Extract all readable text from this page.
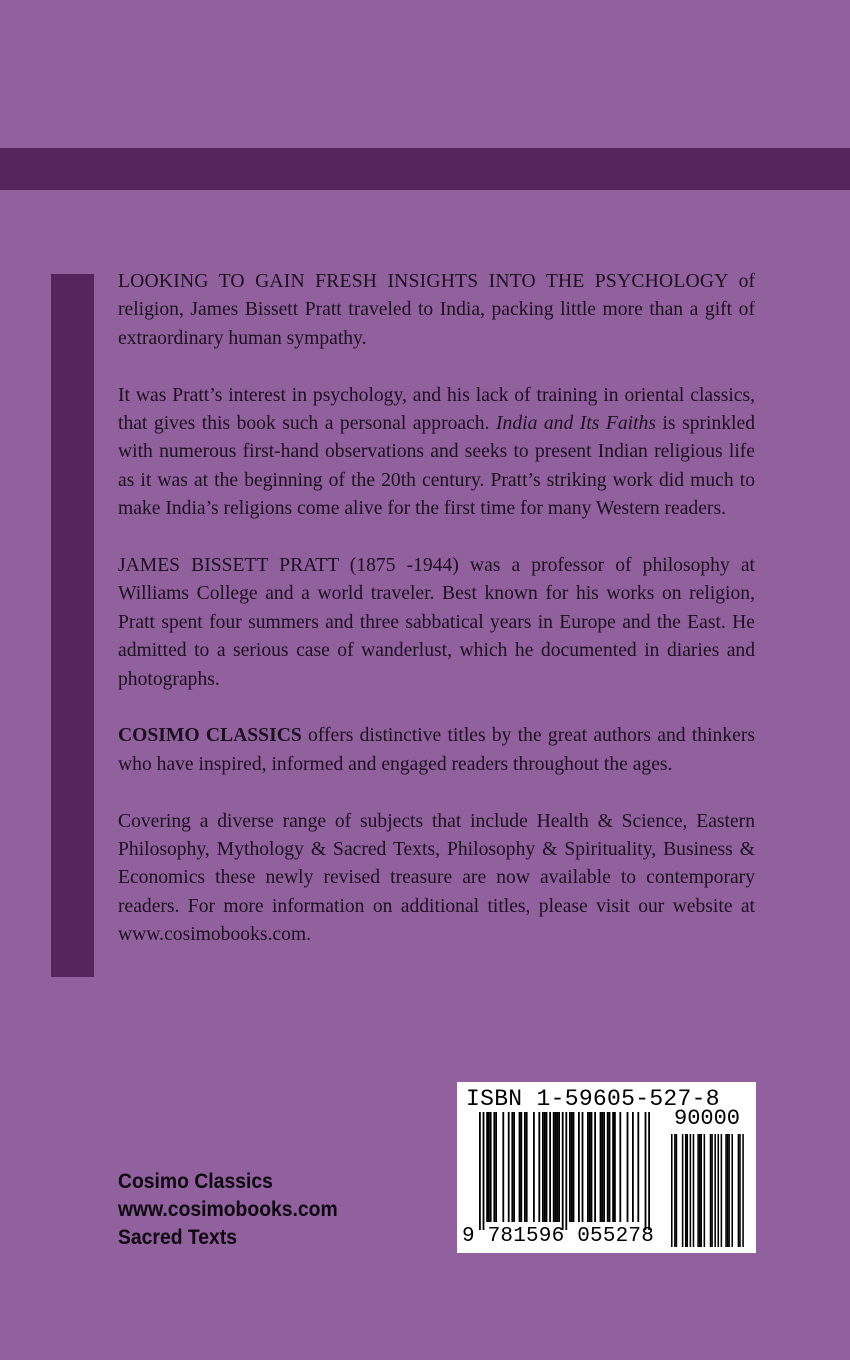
LOOKING TO GAIN FRESH INSIGHTS INTO THE PSYCHOLOGY of religion, James Bissett Pratt traveled to India, packing little more than a gift of extraordinary human sympathy.

It was Pratt’s interest in psychology, and his lack of training in oriental classics, that gives this book such a personal approach. India and Its Faiths is sprinkled with numerous first-hand observations and seeks to present Indian religious life as it was at the beginning of the 20th century. Pratt’s striking work did much to make India’s religions come alive for the first time for many Western readers.

JAMES BISSETT PRATT (1875 -1944) was a professor of philosophy at Williams College and a world traveler. Best known for his works on religion, Pratt spent four summers and three sabbatical years in Europe and the East. He admitted to a serious case of wanderlust, which he documented in diaries and photographs.

COSIMO CLASSICS offers distinctive titles by the great authors and thinkers who have inspired, informed and engaged readers throughout the ages.

Covering a diverse range of subjects that include Health & Science, Eastern Philosophy, Mythology & Sacred Texts, Philosophy & Spirituality, Business & Economics these newly revised treasure are now available to contemporary readers. For more information on additional titles, please visit our website at www.cosimobooks.com.

Cosimo Classics
www.cosimobooks.com
Sacred Texts
ISBN 1-59605-527-8
90000
9 781596 055278
